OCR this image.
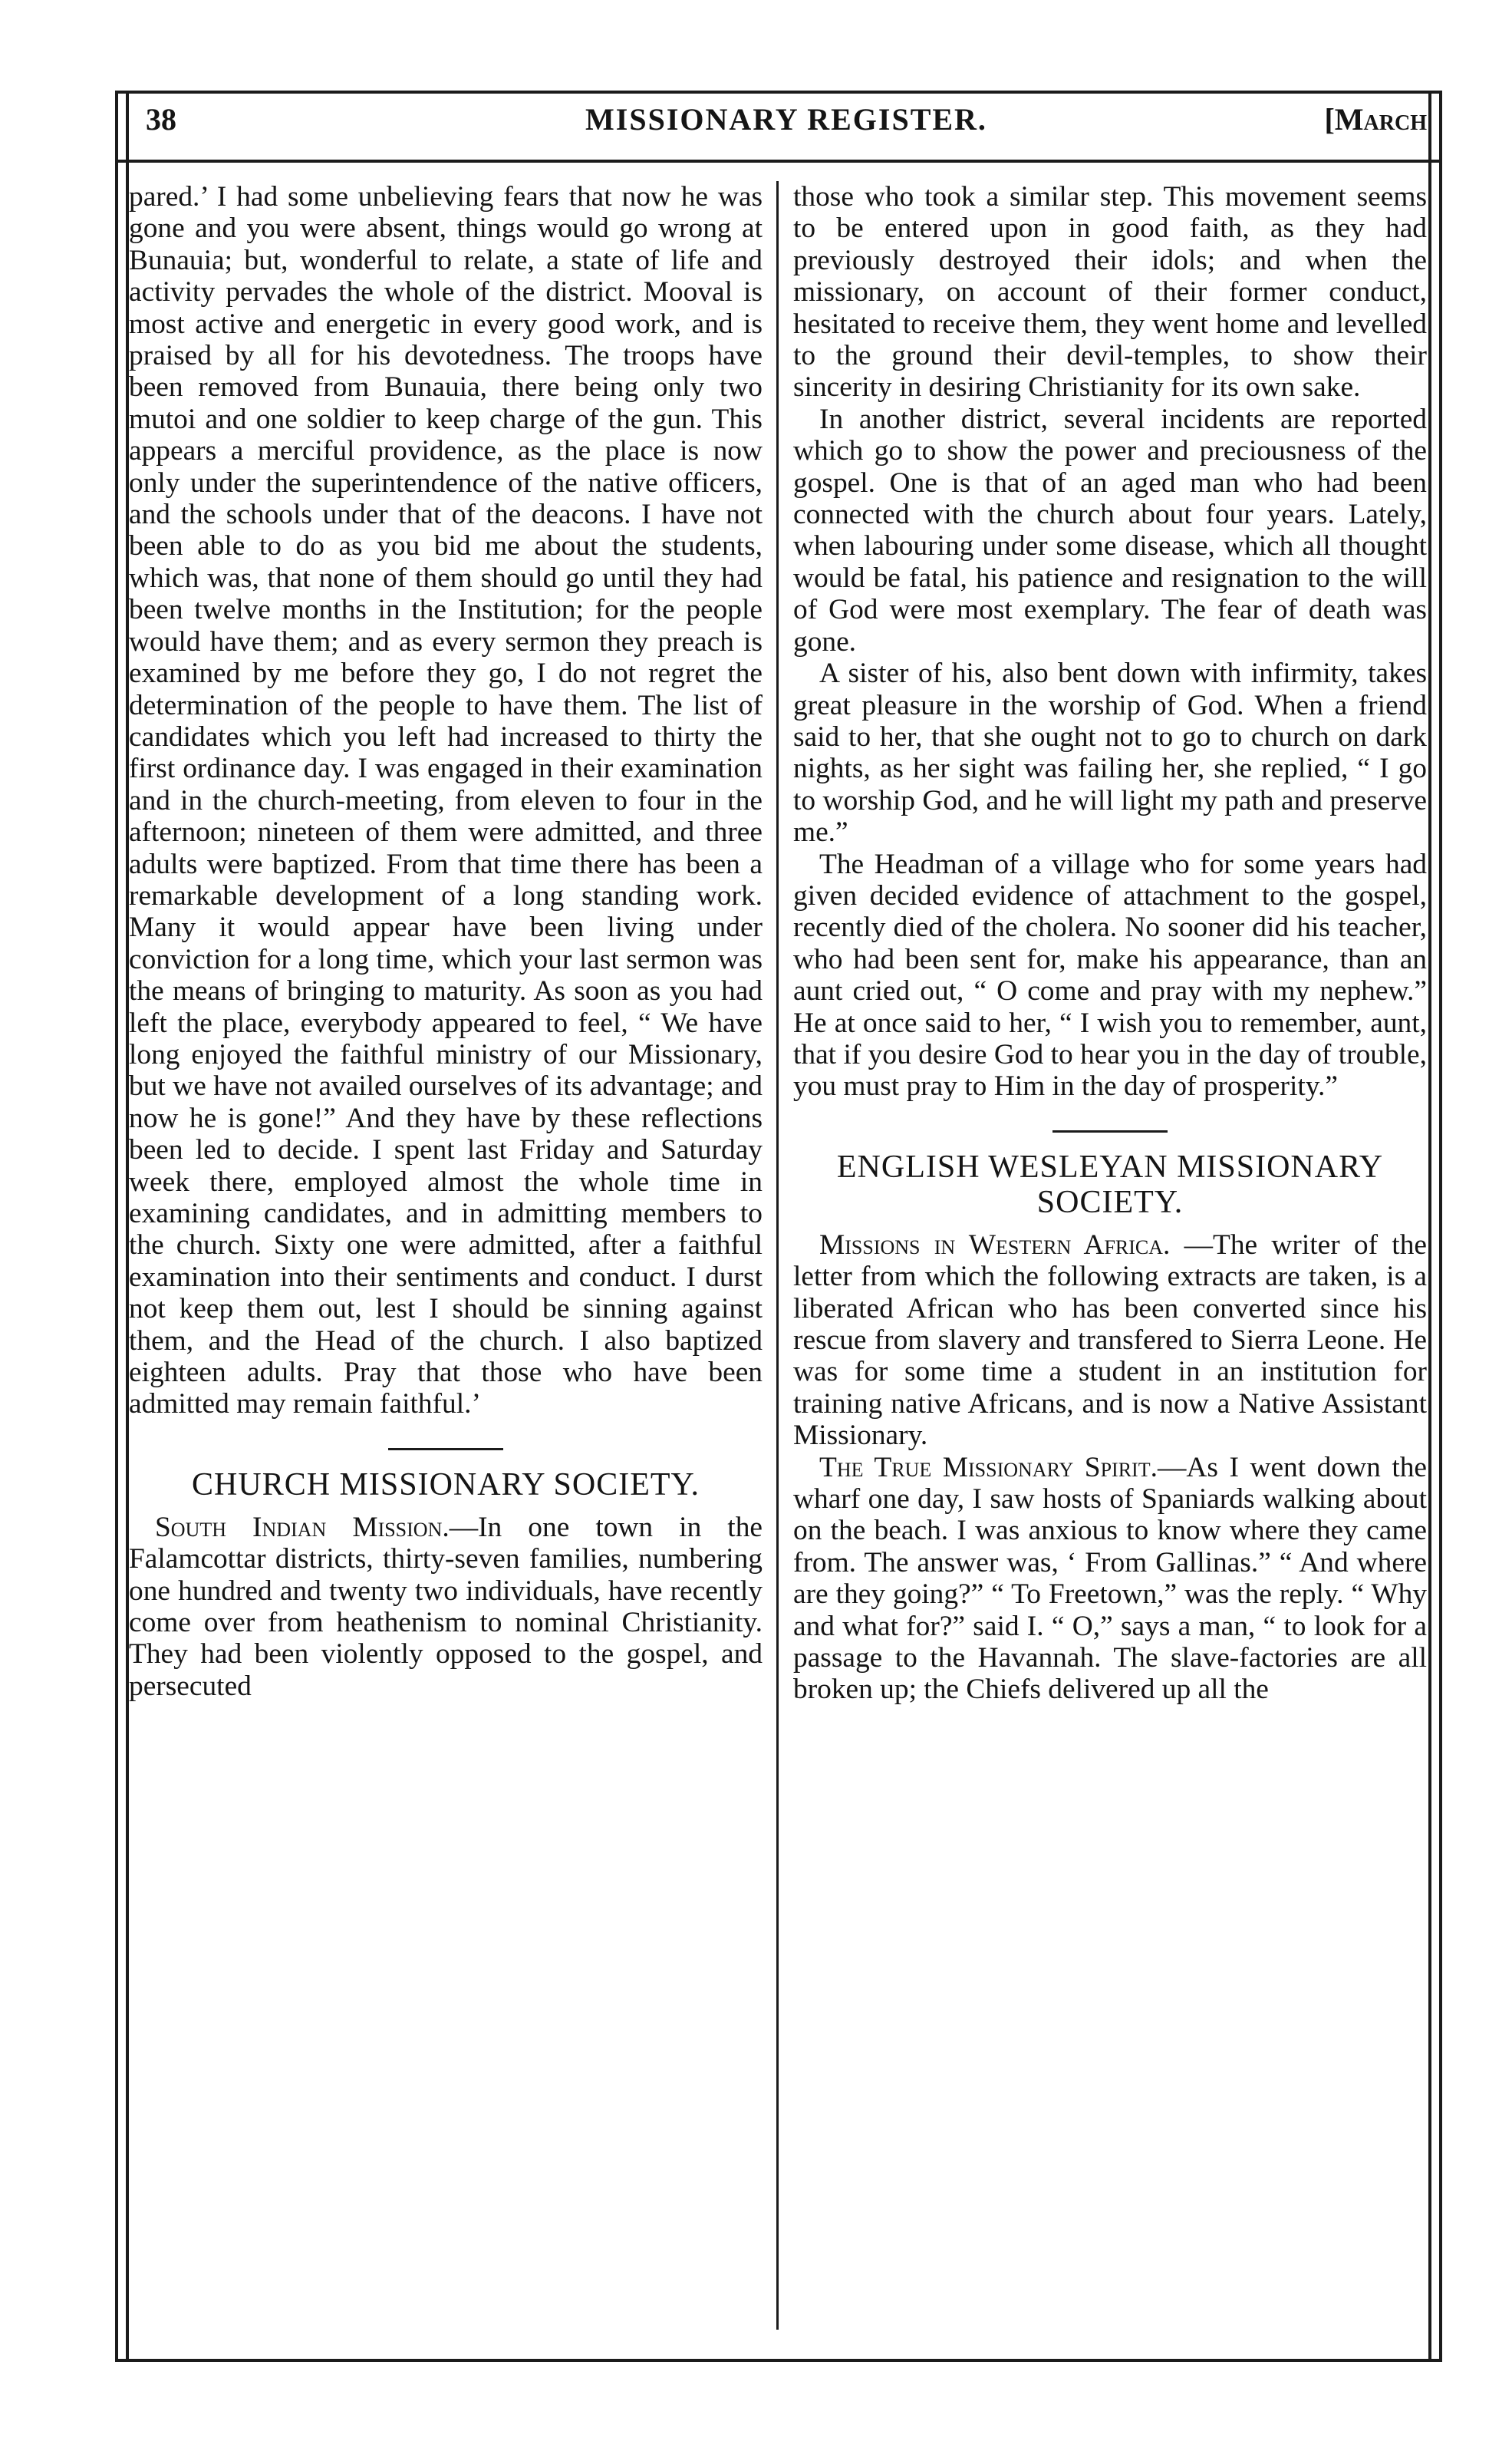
38	MISSIONARY REGISTER.	[March

pared.’ I had some unbelieving fears that now he was gone and you were absent, things would go wrong at Bunauia; but, wonderful to relate, a state of life and activity pervades the whole of the district. Mooval is most active and energetic in every good work, and is praised by all for his devotedness. The troops have been removed from Bunauia, there being only two mutoi and one soldier to keep charge of the gun. This appears a merciful providence, as the place is now only under the superintendence of the native officers, and the schools under that of the deacons. I have not been able to do as you bid me about the students, which was, that none of them should go until they had been twelve months in the Institution; for the people would have them; and as every sermon they preach is examined by me before they go, I do not regret the determination of the people to have them. The list of candidates which you left had increased to thirty the first ordinance day. I was engaged in their examination and in the church-meeting, from eleven to four in the afternoon; nineteen of them were admitted, and three adults were baptized. From that time there has been a remarkable development of a long standing work. Many it would appear have been living under conviction for a long time, which your last sermon was the means of bringing to maturity. As soon as you had left the place, everybody appeared to feel, “ We have long enjoyed the faithful ministry of our Missionary, but we have not availed ourselves of its advantage; and now he is gone!” And they have by these reflections been led to decide. I spent last Friday and Saturday week there, employed almost the whole time in examining candidates, and in admitting members to the church. Sixty one were admitted, after a faithful examination into their sentiments and conduct. I durst not keep them out, lest I should be sinning against them, and the Head of the church. I also baptized eighteen adults. Pray that those who have been admitted may remain faithful.’

CHURCH MISSIONARY SOCIETY.

South Indian Mission.—In one town in the Falamcottar districts, thirty-seven families, numbering one hundred and twenty two individuals, have recently come over from heathenism to nominal Christianity. They had been violently opposed to the gospel, and persecuted

those who took a similar step. This movement seems to be entered upon in good faith, as they had previously destroyed their idols; and when the missionary, on account of their former conduct, hesitated to receive them, they went home and levelled to the ground their devil-temples, to show their sincerity in desiring Christianity for its own sake.

In another district, several incidents are reported which go to show the power and preciousness of the gospel. One is that of an aged man who had been connected with the church about four years. Lately, when labouring under some disease, which all thought would be fatal, his patience and resignation to the will of God were most exemplary. The fear of death was gone.

A sister of his, also bent down with infirmity, takes great pleasure in the worship of God. When a friend said to her, that she ought not to go to church on dark nights, as her sight was failing her, she replied, “ I go to worship God, and he will light my path and preserve me.”

The Headman of a village who for some years had given decided evidence of attachment to the gospel, recently died of the cholera. No sooner did his teacher, who had been sent for, make his appearance, than an aunt cried out, “ O come and pray with my nephew.” He at once said to her, “ I wish you to remember, aunt, that if you desire God to hear you in the day of trouble, you must pray to Him in the day of prosperity.”

ENGLISH WESLEYAN MISSIONARY SOCIETY.

Missions in Western Africa. —The writer of the letter from which the following extracts are taken, is a liberated African who has been converted since his rescue from slavery and transfered to Sierra Leone. He was for some time a student in an institution for training native Africans, and is now a Native Assistant Missionary.

The True Missionary Spirit.—As I went down the wharf one day, I saw hosts of Spaniards walking about on the beach. I was anxious to know where they came from. The answer was, ‘ From Gallinas.” “ And where are they going?” “ To Freetown,” was the reply. “ Why and what for?” said I. “ O,” says a man, “ to look for a passage to the Havannah. The slave-factories are all broken up; the Chiefs delivered up all the
